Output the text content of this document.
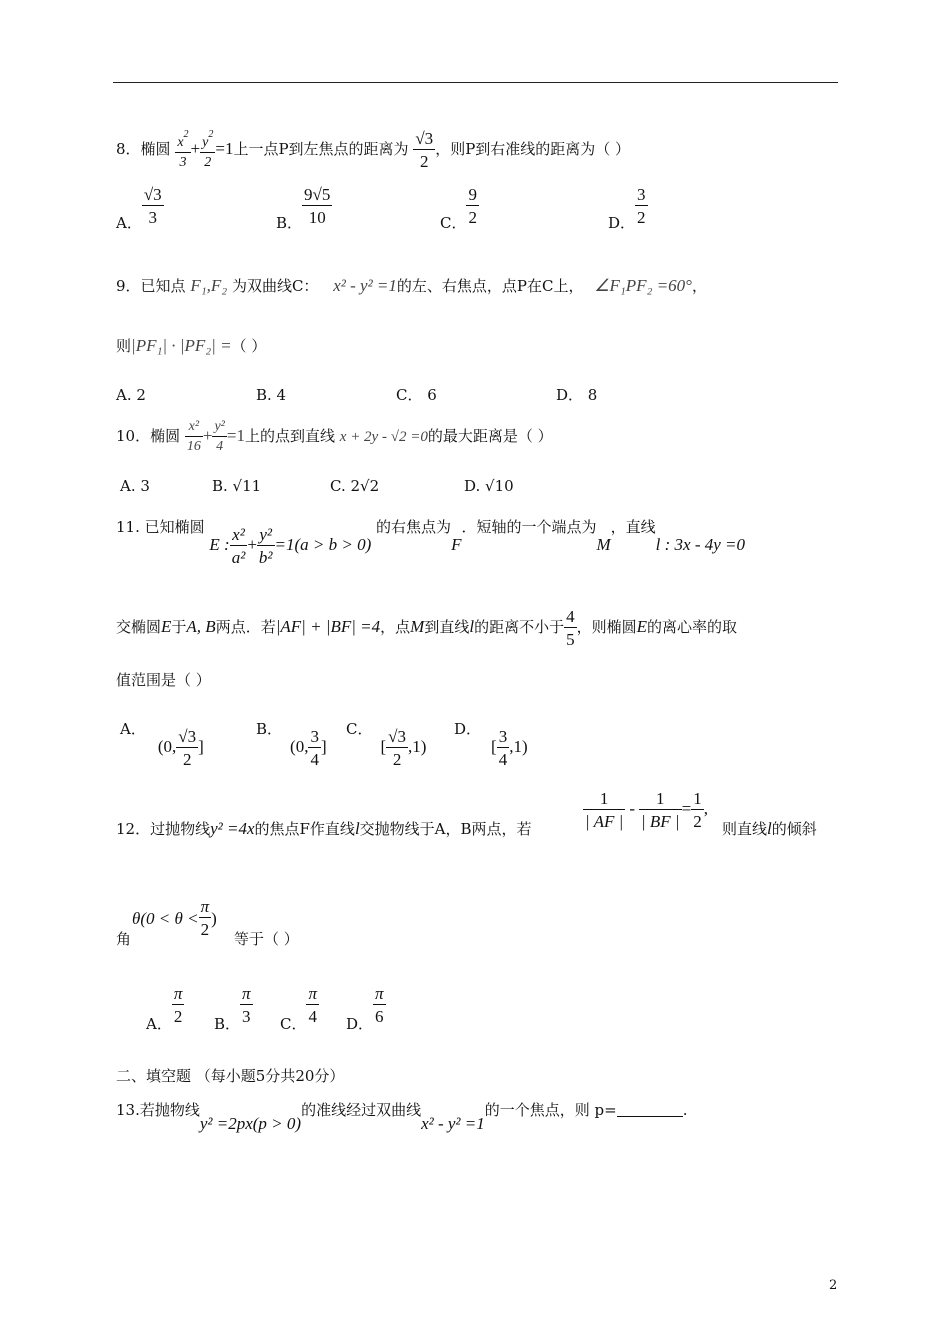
8．椭圆 $\frac{x^2}{3} + \frac{y^2}{2} =1$上一点P到左焦点的距离为 $\frac{√3}{2}$ ，则P到右准线的距离为（ ）
A． $\frac{√3}{3}$	B． $\frac{9√5}{10}$	C． $\frac{9}{2}$	D． $\frac{3}{2}$
9．已知点 F₁,F₂ 为双曲线C： x² - y² =1的左、右焦点，点P在C上， ∠F₁PF₂ =60°，
则|PF₁| · |PF₂| =（ ）
A. 2	B. 4	C． 6	D． 8
10．椭圆 $\frac{\text{x²}}{16} + \frac{\text{y²}}{4} =1$上的点到直线 x + 2y - √2 =0的最大距离是（ ）
A. 3	B. √11	C. 2√2	D. √10
11. 已知椭圆 E : $\frac{\text{x²}}{\text{a²}} + \frac{\text{y²}}{\text{b²}} =1(a > b > 0)$ 的右焦点为F．短轴的一个端点为M，直线l : 3x - 4y =0
交椭圆E于A, B两点．若|AF| + |BF| =4，点M到直线l的距离不小于 $\frac{4}{5}$ ，则椭圆E的离心率的取
值范围是（ ）
A．(0, $\frac{√3}{2}$ ]
B．(0, $\frac{3}{4}$ ]
C．[ $\frac{√3}{2} ,1$)
D．[ $\frac{3}{4} ,1$)
12．过抛物线y² =4x的焦点F作直线l交抛物线于A，B两点，若	$\frac{1}{| AF |} - \frac{1}{| BF |} = \frac{1}{2}$ ,
则直线l的倾斜
角
$\theta(0 < \theta < \frac{\pi}{2}$ )
等于（ ）
A． $\frac{\pi}{2}$ B． $\frac{\pi}{3}$ C． $\frac{\pi}{4}$ D． $\frac{\pi}{6}$
二、填空题 （每小题5分共20分）
13.若抛物线y² =2px(p > 0)的准线经过双曲线x² - y² =1的一个焦点，则 p=	.
2
